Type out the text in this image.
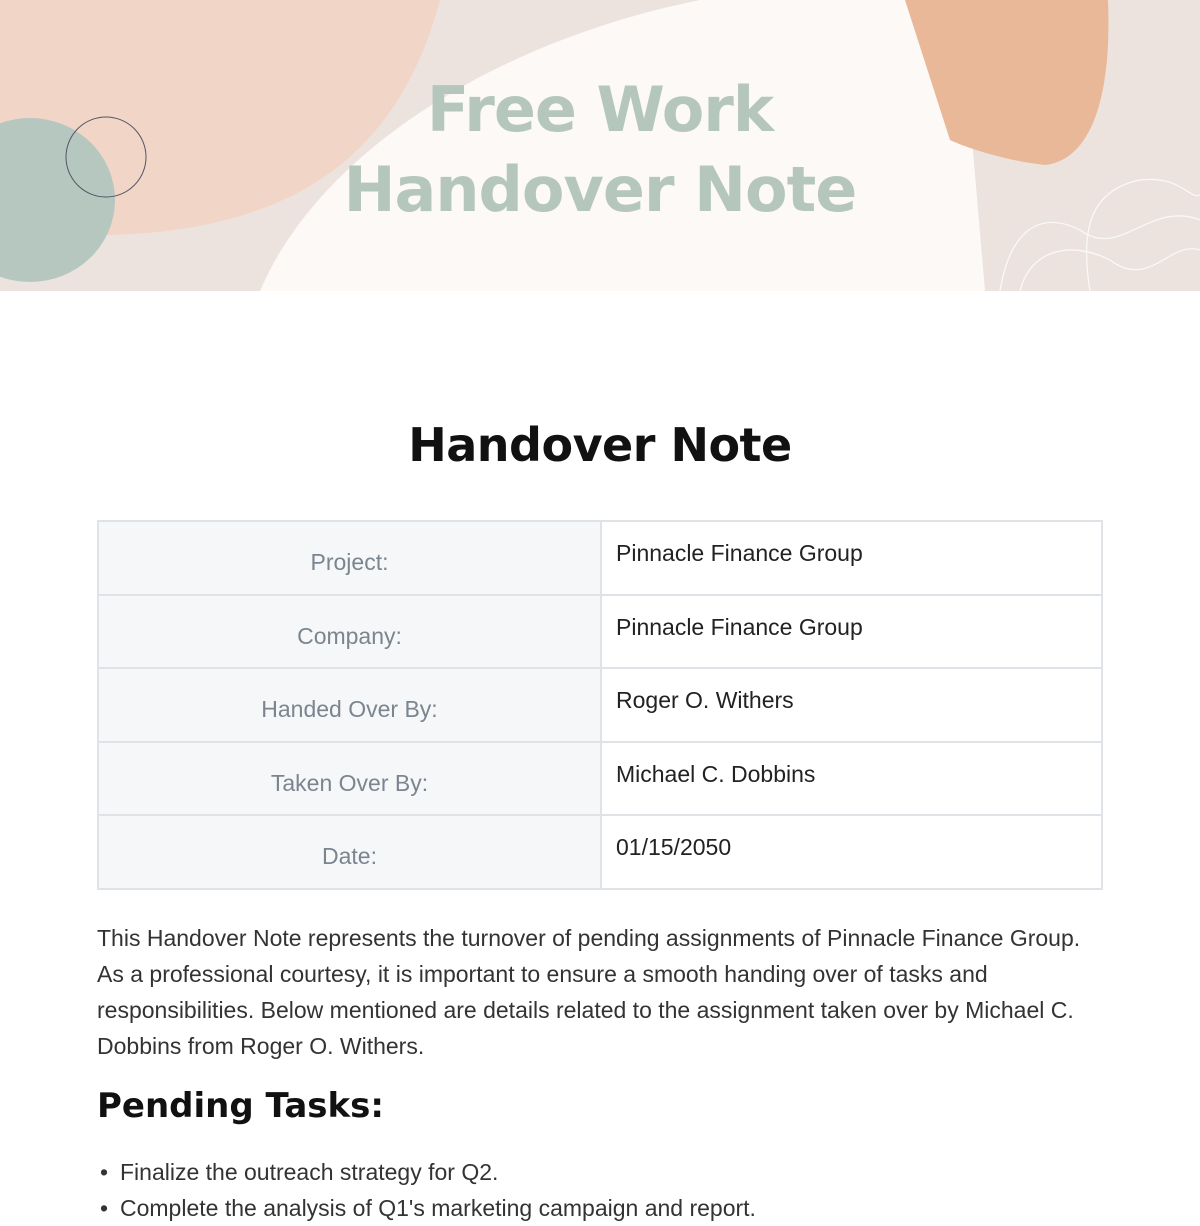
Free Work
Handover Note
Handover Note
Project:	Pinnacle Finance Group
Company:	Pinnacle Finance Group
Handed Over By:	Roger O. Withers
Taken Over By:	Michael C. Dobbins
Date:	01/15/2050

This Handover Note represents the turnover of pending assignments of Pinnacle Finance Group. As a professional courtesy, it is important to ensure a smooth handing over of tasks and responsibilities. Below mentioned are details related to the assignment taken over by Michael C. Dobbins from Roger O. Withers.

Pending Tasks:
• Finalize the outreach strategy for Q2.
• Complete the analysis of Q1's marketing campaign and report.
